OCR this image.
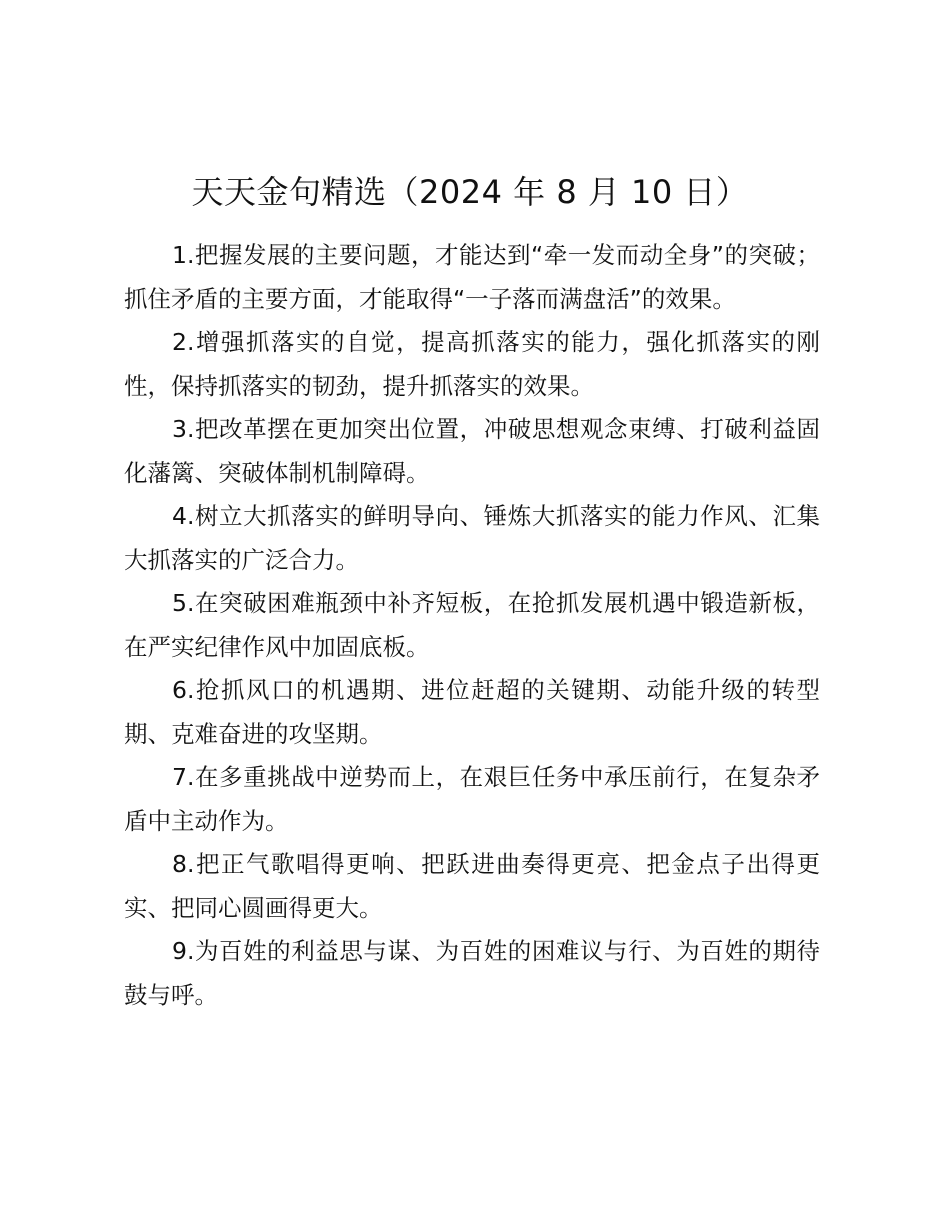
天天金句精选（2024 年 8 月 10 日）

1.把握发展的主要问题，才能达到“牵一发而动全身”的突破；抓住矛盾的主要方面，才能取得“一子落而满盘活”的效果。

2.增强抓落实的自觉，提高抓落实的能力，强化抓落实的刚性，保持抓落实的韧劲，提升抓落实的效果。

3.把改革摆在更加突出位置，冲破思想观念束缚、打破利益固化藩篱、突破体制机制障碍。

4.树立大抓落实的鲜明导向、锤炼大抓落实的能力作风、汇集大抓落实的广泛合力。

5.在突破困难瓶颈中补齐短板，在抢抓发展机遇中锻造新板，在严实纪律作风中加固底板。

6.抢抓风口的机遇期、进位赶超的关键期、动能升级的转型期、克难奋进的攻坚期。

7.在多重挑战中逆势而上，在艰巨任务中承压前行，在复杂矛盾中主动作为。

8.把正气歌唱得更响、把跃进曲奏得更亮、把金点子出得更实、把同心圆画得更大。

9.为百姓的利益思与谋、为百姓的困难议与行、为百姓的期待鼓与呼。
